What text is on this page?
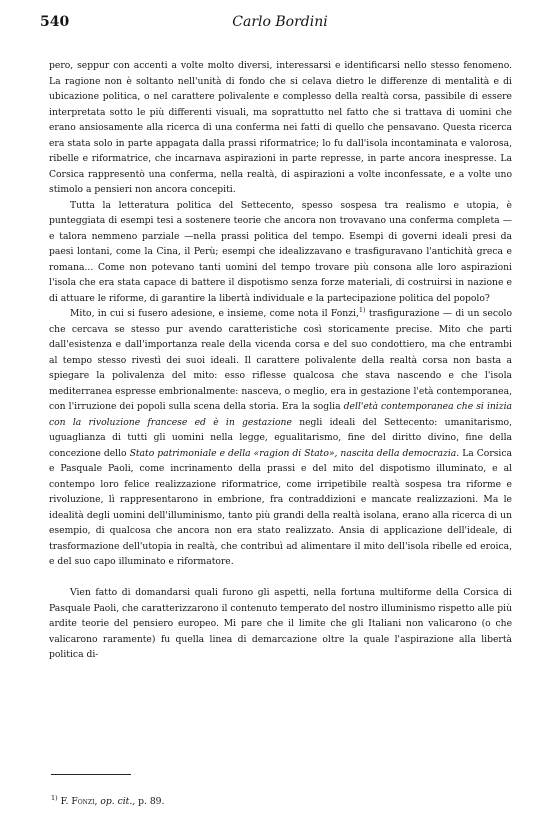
540	Carlo Bordini

pero, seppur con accenti a volte molto diversi, interessarsi e identificarsi nello stesso fenomeno. La ragione non è soltanto nell'unità di fondo che si celava dietro le differenze di mentalità e di ubicazione politica, o nel carattere polivalente e complesso della realtà corsa, passibile di essere interpretata sotto le più differenti visuali, ma soprattutto nel fatto che si trattava di uomini che erano ansiosamente alla ricerca di una conferma nei fatti di quello che pensavano. Questa ricerca era stata solo in parte appagata dalla prassi riformatrice; lo fu dall'isola incontaminata e valorosa, ribelle e riformatrice, che incarnava aspirazioni in parte represse, in parte ancora inespresse. La Corsica rappresentò una conferma, nella realtà, di aspirazioni a volte inconfessate, e a volte uno stimolo a pensieri non ancora concepiti.

Tutta la letteratura politica del Settecento, spesso sospesa tra realismo e utopia, è punteggiata di esempi tesi a sostenere teorie che ancora non trovavano una conferma completa — e talora nemmeno parziale —nella prassi politica del tempo. Esempi di governi ideali presi da paesi lontani, come la Cina, il Perù; esempi che idealizzavano e trasfiguravano l'antichità greca e romana... Come non potevano tanti uomini del tempo trovare più consona alle loro aspirazioni l'isola che era stata capace di battere il dispotismo senza forze materiali, di costruirsi in nazione e di attuare le riforme, di garantire la libertà individuale e la partecipazione politica del popolo?

Mito, in cui si fusero adesione, e insieme, come nota il Fonzi,$^{1)}$ trasfigurazione — di un secolo che cercava se stesso pur avendo caratteristiche così storicamente precise. Mito che parti dall'esistenza e dall'importanza reale della vicenda corsa e del suo condottiero, ma che entrambi al tempo stesso rivestì dei suoi ideali. Il carattere polivalente della realtà corsa non basta a spiegare la polivalenza del mito: esso riflesse qualcosa che stava nascendo e che l'isola mediterranea espresse embrionalmente: nasceva, o meglio, era in gestazione l'età contemporanea, con l'irruzione dei popoli sulla scena della storia. Era la soglia dell'età contemporanea che si inizia con la rivoluzione francese ed è in gestazione negli ideali del Settecento: umanitarismo, uguaglianza di tutti gli uomini nella legge, egualitarismo, fine del diritto divino, fine della concezione dello Stato patrimoniale e della «ragion di Stato», nascita della democrazia. La Corsica e Pasquale Paoli, come incrinamento della prassi e del mito del dispotismo illuminato, e al contempo loro felice realizzazione riformatrice, come irripetibile realtà sospesa tra riforme e rivoluzione, lì rappresentarono in embrione, fra contraddizioni e mancate realizzazioni. Ma le idealità degli uomini dell'illuminismo, tanto più grandi della realtà isolana, erano alla ricerca di un esempio, di qualcosa che ancora non era stato realizzato. Ansia di applicazione dell'ideale, di trasformazione dell'utopia in realtà, che contribuì ad alimentare il mito dell'isola ribelle ed eroica, e del suo capo illuminato e riformatore.

Vien fatto di domandarsi quali furono gli aspetti, nella fortuna multiforme della Corsica di Pasquale Paoli, che caratterizzarono il contenuto temperato del nostro illuminismo rispetto alle più ardite teorie del pensiero europeo. Mi pare che il limite che gli Italiani non valicarono (o che valicarono raramente) fu quella linea di demarcazione oltre la quale l'aspirazione alla libertà politica di-

$^{1)}$ F. Fonzi, op. cit., p. 89.
